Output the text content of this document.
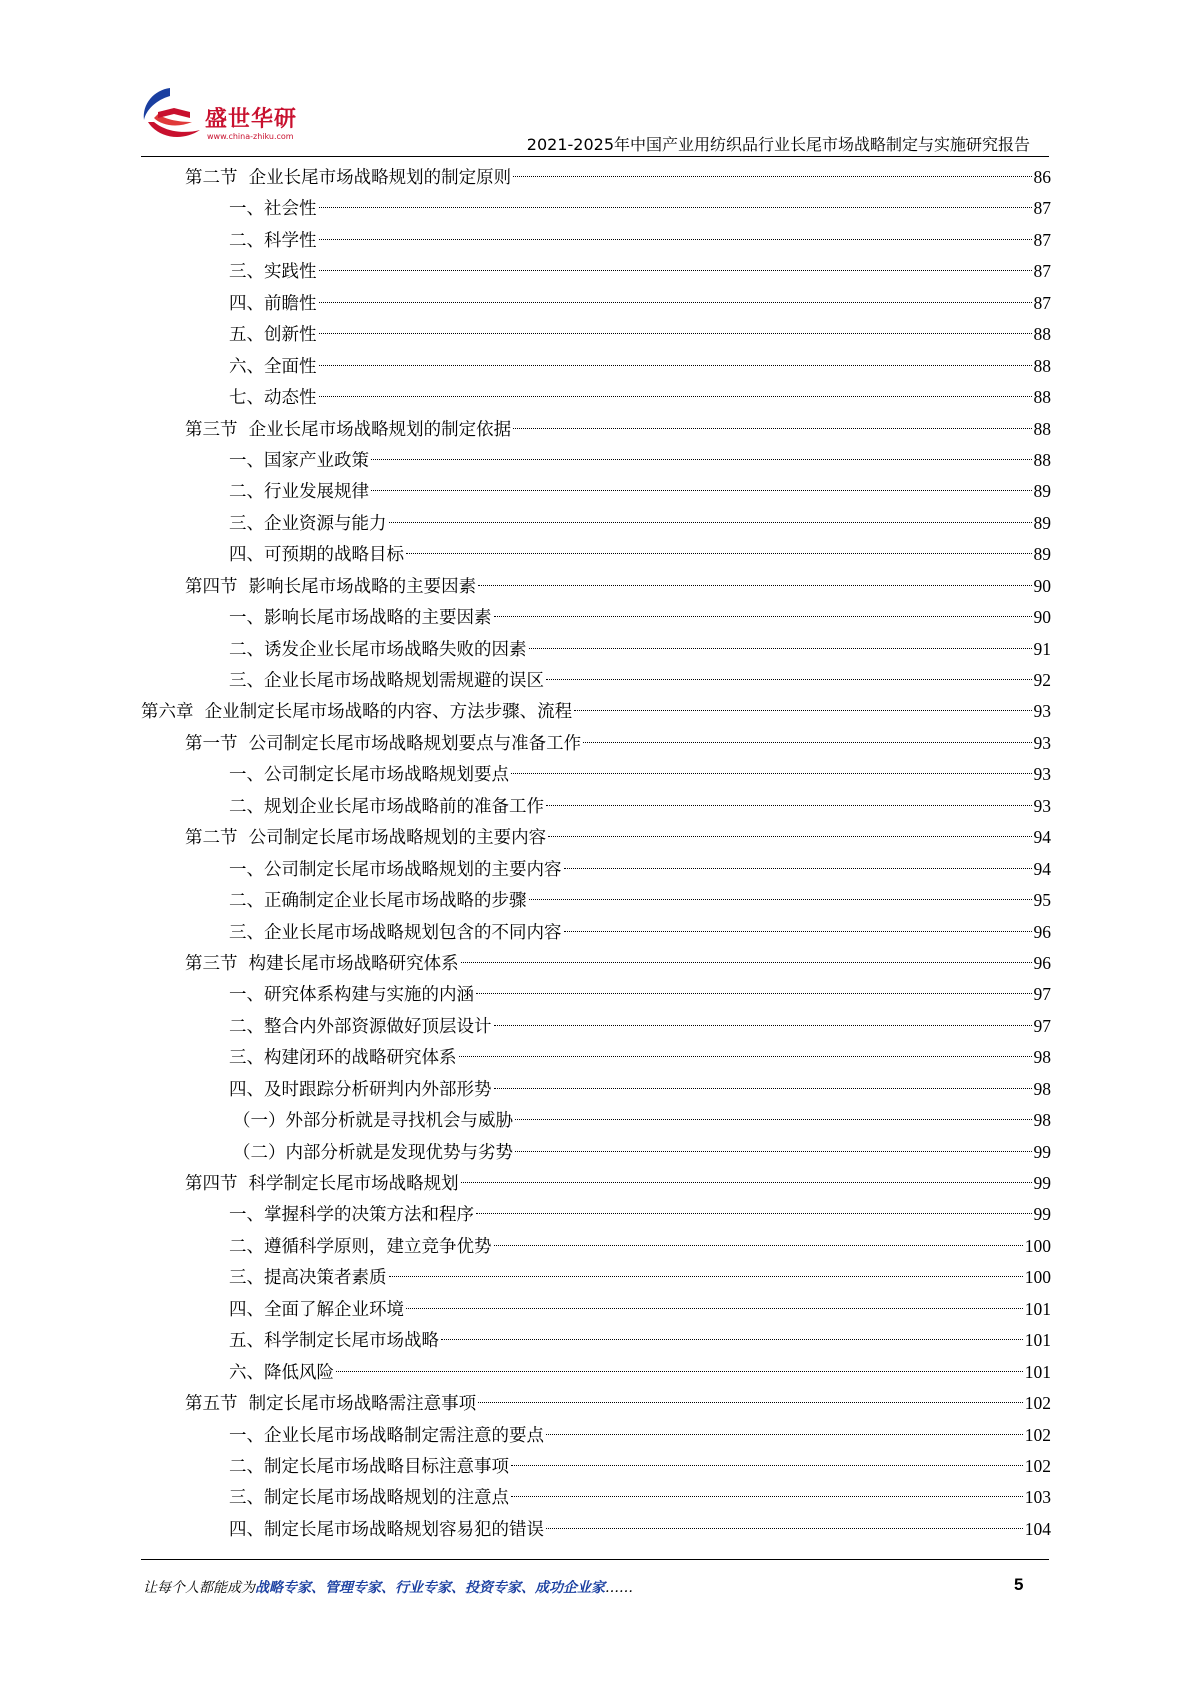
盛世华研
www.china-zhiku.com	2021-2025年中国产业用纺织品行业长尾市场战略制定与实施研究报告
第二节  企业长尾市场战略规划的制定原则	86
一、社会性	87
二、科学性	87
三、实践性	87
四、前瞻性	87
五、创新性	88
六、全面性	88
七、动态性	88
第三节  企业长尾市场战略规划的制定依据	88
一、国家产业政策	88
二、行业发展规律	89
三、企业资源与能力	89
四、可预期的战略目标	89
第四节  影响长尾市场战略的主要因素	90
一、影响长尾市场战略的主要因素	90
二、诱发企业长尾市场战略失败的因素	91
三、企业长尾市场战略规划需规避的误区	92
第六章  企业制定长尾市场战略的内容、方法步骤、流程	93
第一节  公司制定长尾市场战略规划要点与准备工作	93
一、公司制定长尾市场战略规划要点	93
二、规划企业长尾市场战略前的准备工作	93
第二节  公司制定长尾市场战略规划的主要内容	94
一、公司制定长尾市场战略规划的主要内容	94
二、正确制定企业长尾市场战略的步骤	95
三、企业长尾市场战略规划包含的不同内容	96
第三节  构建长尾市场战略研究体系	96
一、研究体系构建与实施的内涵	97
二、整合内外部资源做好顶层设计	97
三、构建闭环的战略研究体系	98
四、及时跟踪分析研判内外部形势	98
（一）外部分析就是寻找机会与威胁	98
（二）内部分析就是发现优势与劣势	99
第四节  科学制定长尾市场战略规划	99
一、掌握科学的决策方法和程序	99
二、遵循科学原则，建立竞争优势	100
三、提高决策者素质	100
四、全面了解企业环境	101
五、科学制定长尾市场战略	101
六、降低风险	101
第五节  制定长尾市场战略需注意事项	102
一、企业长尾市场战略制定需注意的要点	102
二、制定长尾市场战略目标注意事项	102
三、制定长尾市场战略规划的注意点	103
四、制定长尾市场战略规划容易犯的错误	104
让每个人都能成为战略专家、管理专家、行业专家、投资专家、成功企业家……	5
